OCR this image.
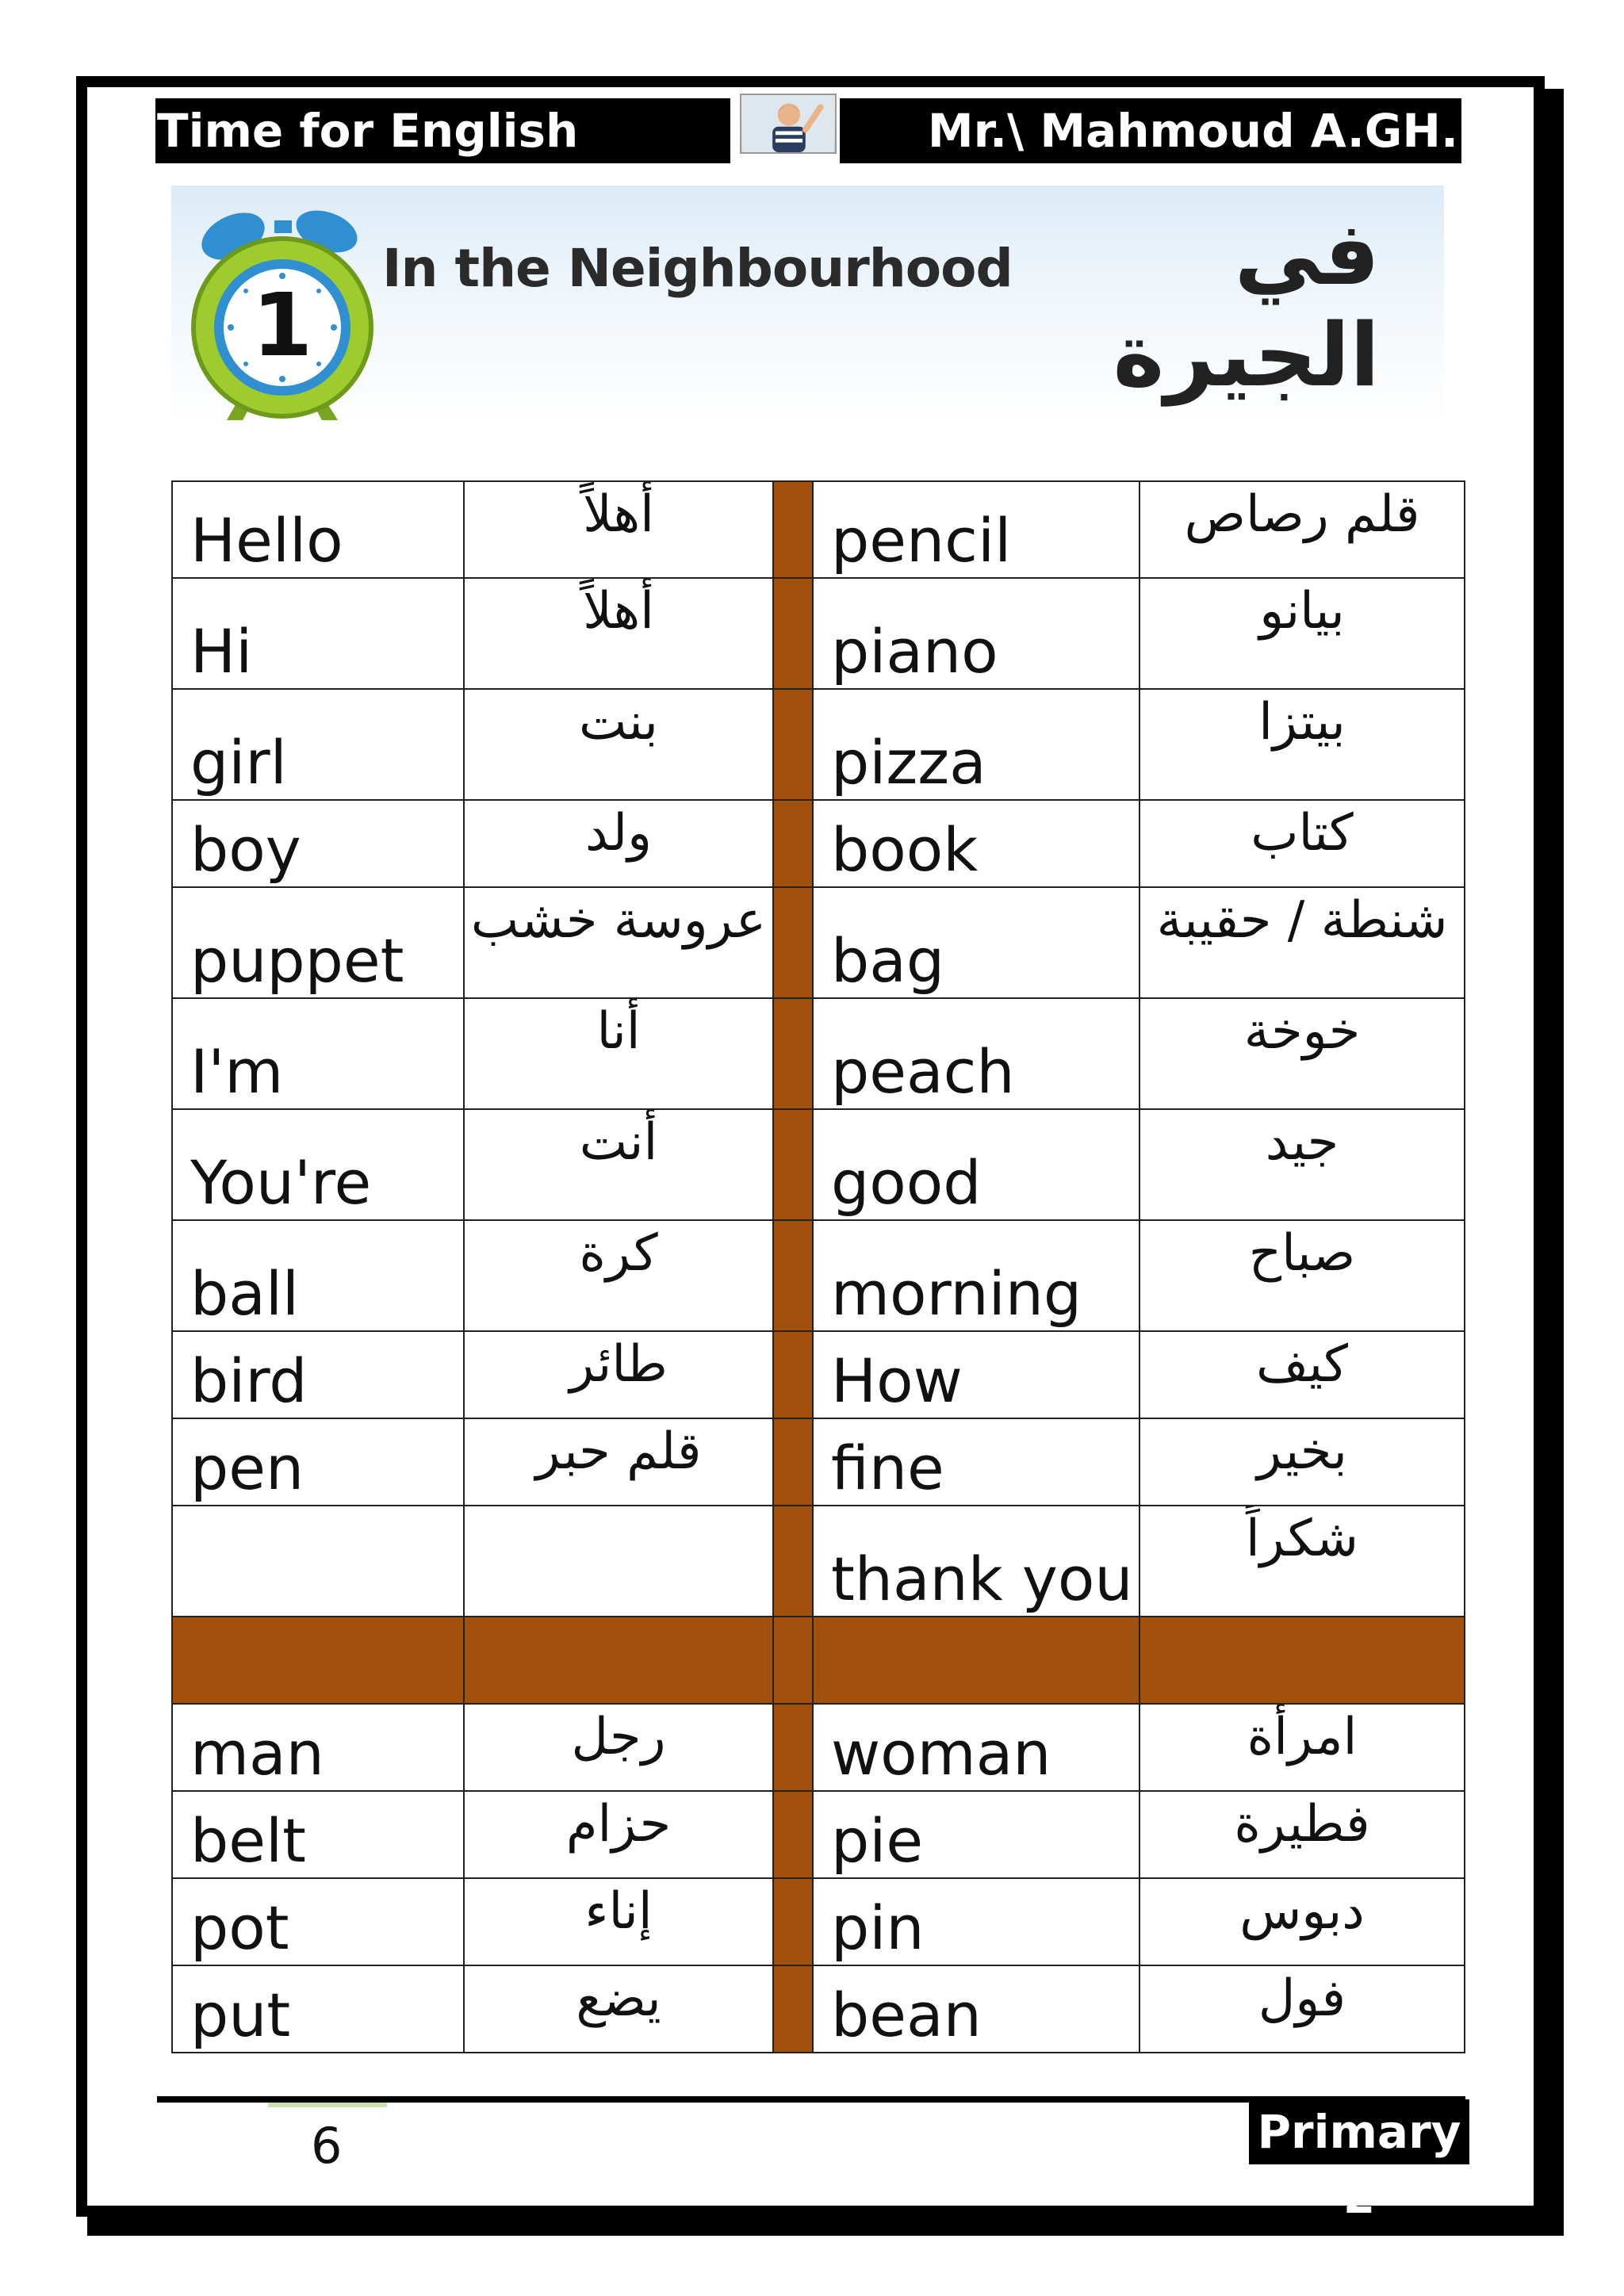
Time for English	Mr.\ Mahmoud A.GH.
1
In the Neighbourhood	في الجيرة
Hello	أهلاً		pencil	قلم رصاص
Hi	أهلاً		piano	بيانو
girl	بنت		pizza	بيتزا
boy	ولد		book	كتاب
puppet	عروسة خشب		bag	شنطة / حقيبة
I'm	أنا		peach	خوخة
You're	أنت		good	جيد
ball	كرة		morning	صباح
bird	طائر		How	كيف
pen	قلم حبر		fine	بخير
			thank you	شكراً

man	رجل		woman	امرأة
belt	حزام		pie	فطيرة
pot	إناء		pin	دبوس
put	يضع		bean	فول
6	Primary 2
